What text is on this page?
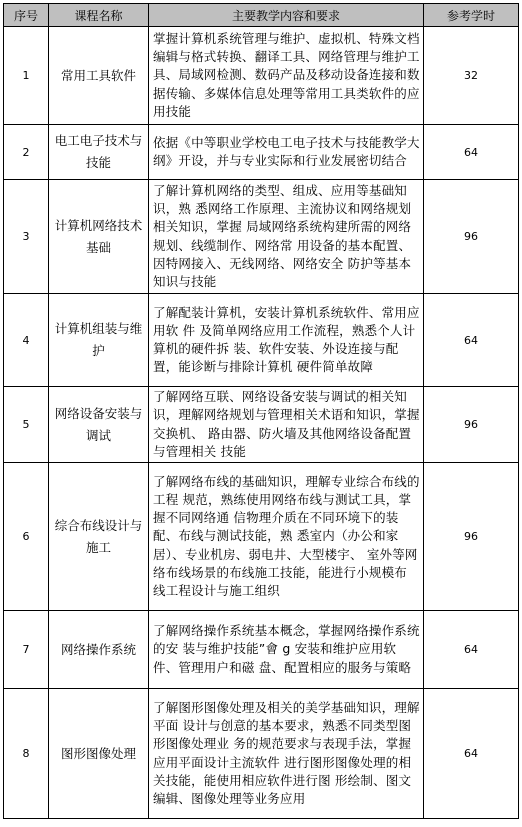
序号	课程名称	主要教学内容和要求	参考学时
1	常用工具软件	掌握计算机系统管理与维护、虚拟机、特殊文档编辑与格式转换、翻译工具、网络管理与维护工具、局域网检测、数码产品及移动设备连接和数据传输、多媒体信息处理等常用工具类软件的应用技能	32
2	电工电子技术与技能	依据《中等职业学校电工电子技术与技能教学大纲》开设，并与专业实际和行业发展密切结合	64
3	计算机网络技术基础	了解计算机网络的类型、组成、应用等基础知识，熟 悉网络工作原理、主流协议和网络规划相关知识，掌握 局域网络系统构建所需的网络规划、线缆制作、网络常 用设备的基本配置、因特网接入、无线网络、网络安全 防护等基本知识与技能	96
4	计算机组装与维护	了解配装计算机，安装计算机系统软件、常用应用软 件 及简单网络应用工作流程，熟悉个人计算机的硬件拆 装、软件安装、外设连接与配置，能诊断与排除计算机 硬件简单故障	64
5	网络设备安装与调试	了解网络互联、网络设备安装与调试的相关知识，理解网络规划与管理相关术语和知识，掌握交换机、 路由器、防火墙及其他网络设备配置与管理相关 技能	96
6	综合布线设计与施工	了解网络布线的基础知识，理解专业综合布线的工程 规范，熟练使用网络布线与测试工具，掌握不同网络通 信物理介质在不同环境下的装配、布线与测试技能，熟 悉室内（办公和家居）、专业机房、弱电井、大型楼宇、 室外等网络布线场景的布线施工技能，能进行小规模布 线工程设计与施工组织	96
7	网络操作系统	了解网络操作系统基本概念，掌握网络操作系统的安 装与维护技能”會 g 安装和维护应用软件、管理用户和磁 盘、配置相应的服务与策略	64
8	图形图像处理	了解图形图像处理及相关的美学基础知识，理解平面 设计与创意的基本要求，熟悉不同类型图形图像处理业 务的规范要求与表现手法，掌握应用平面设计主流软件 进行图形图像处理的相关技能，能使用相应软件进行图 形绘制、图文编辑、图像处理等业务应用	64
